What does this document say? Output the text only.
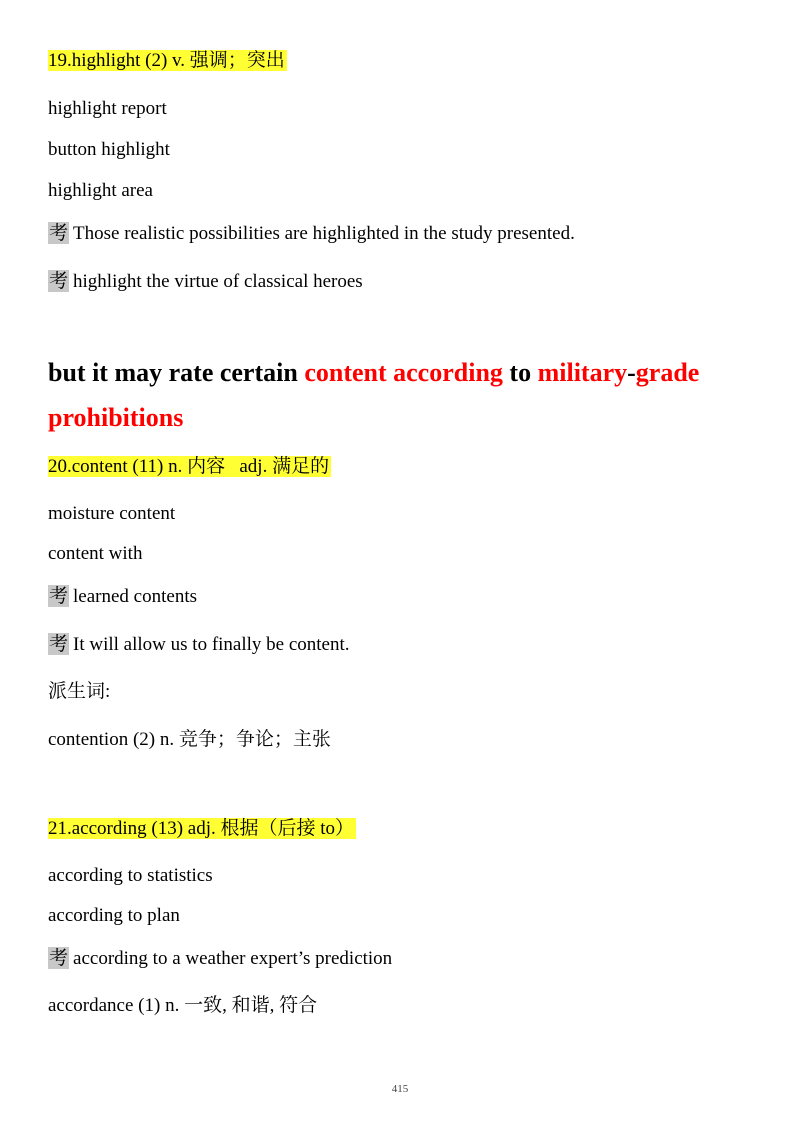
19.highlight (2) v. 强调；突出
highlight report
button highlight
highlight area
考 Those realistic possibilities are highlighted in the study presented.
考 highlight the virtue of classical heroes
but it may rate certain content according to military-grade
prohibitions
20.content (11) n. 内容   adj. 满足的
moisture content
content with
考 learned contents
考 It will allow us to finally be content.
派生词:
contention (2) n. 竞争；争论；主张
21.according (13) adj. 根据（后接 to）
according to statistics
according to plan
考 according to a weather expert’s prediction
accordance (1) n. 一致, 和谐, 符合
415
